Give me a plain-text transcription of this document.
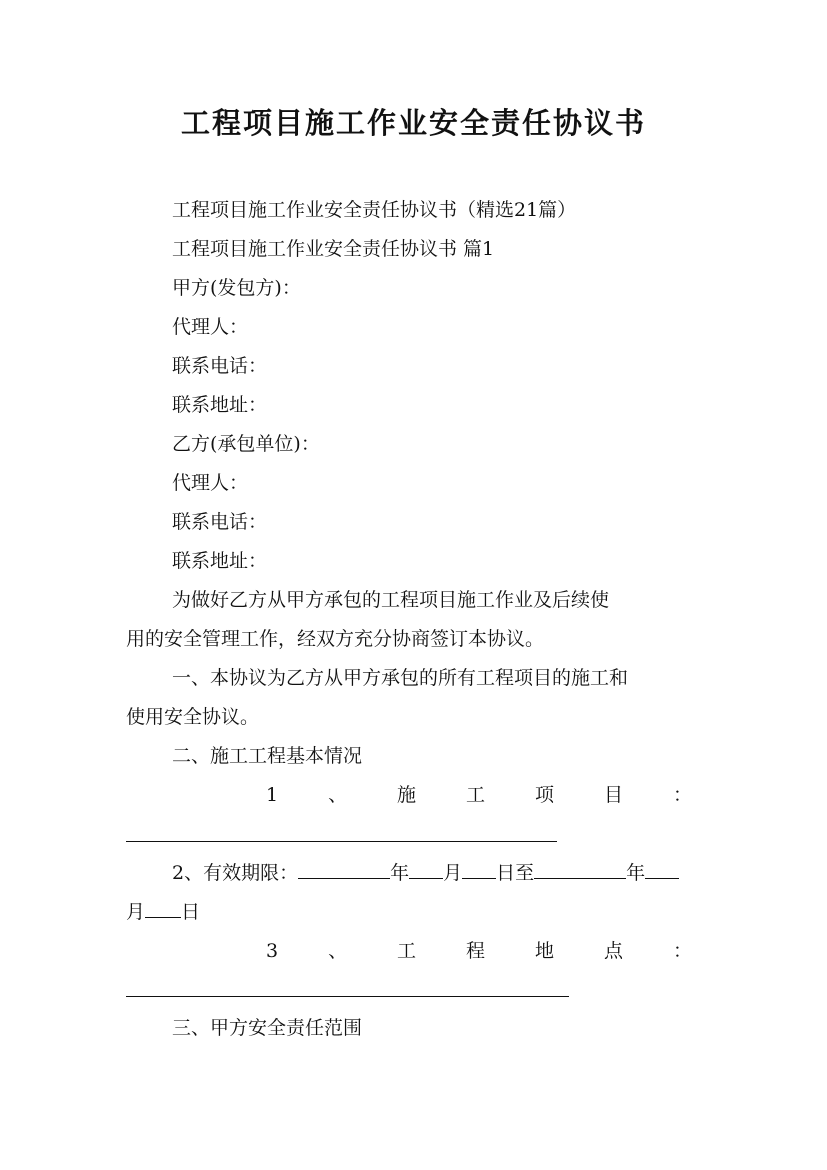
工程项目施工作业安全责任协议书
工程项目施工作业安全责任协议书（精选21篇）
工程项目施工作业安全责任协议书 篇1
甲方(发包方)：
代理人：
联系电话：
联系地址：
乙方(承包单位)：
代理人：
联系电话：
联系地址：
为做好乙方从甲方承包的工程项目施工作业及后续使
用的安全管理工作，经双方充分协商签订本协议。
一、本协议为乙方从甲方承包的所有工程项目的施工和
使用安全协议。
二、施工工程基本情况
1	、	施	工	项	目	：
2、有效期限：	年 月 日至	年
月 日
3	、	工	程	地	点	：
三、甲方安全责任范围
